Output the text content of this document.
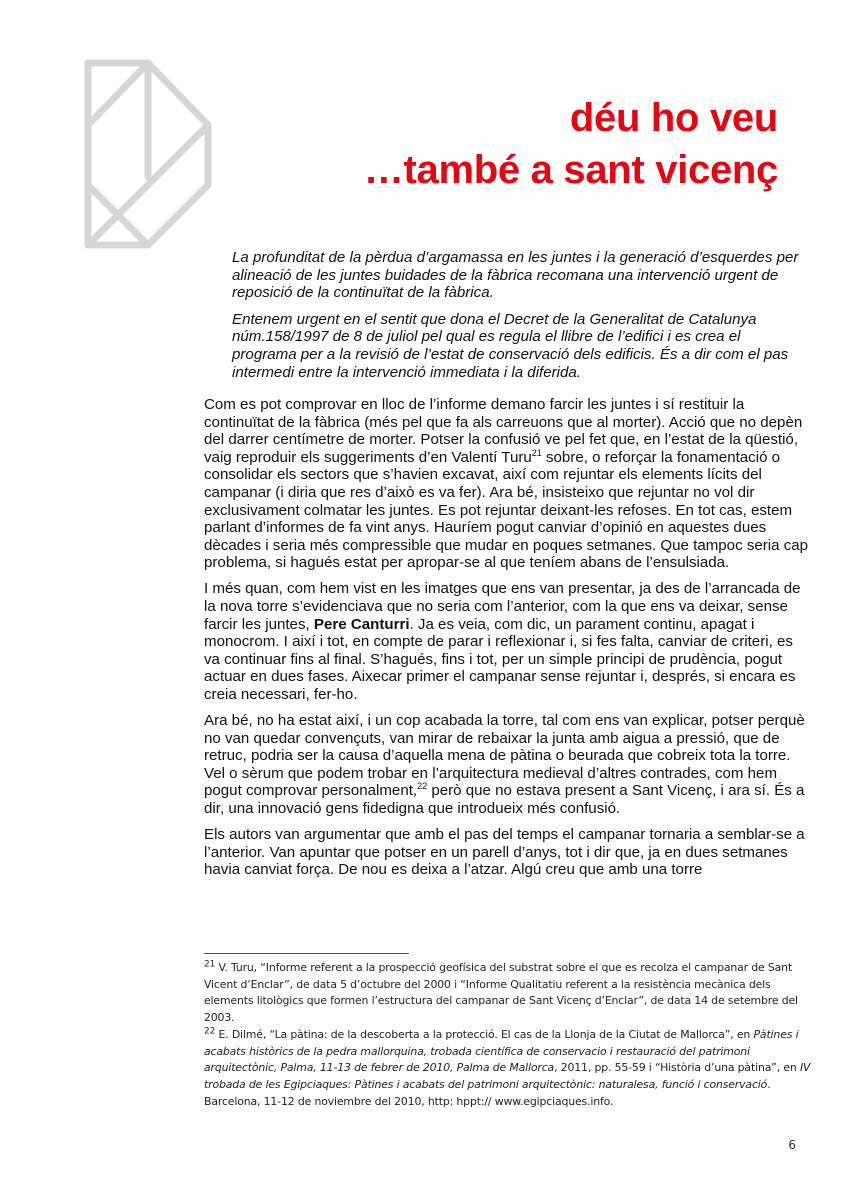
déu ho veu
…també a sant vicenç

La profunditat de la pèrdua d’argamassa en les juntes i la generació d’esquerdes per alineació de les juntes buidades de la fàbrica recomana una intervenció urgent de reposició de la continuïtat de la fàbrica.

Entenem urgent en el sentit que dona el Decret de la Generalitat de Catalunya núm.158/1997 de 8 de juliol pel qual es regula el llibre de l’edifici i es crea el programa per a la revisió de l’estat de conservació dels edificis. És a dir com el pas intermedi entre la intervenció immediata i la diferida.

Com es pot comprovar en lloc de l’informe demano farcir les juntes i sí restituir la continuïtat de la fàbrica (més pel que fa als carreuons que al morter). Acció que no depèn del darrer centímetre de morter. Potser la confusió ve pel fet que, en l’estat de la qüestió, vaig reproduir els suggeriments d’en Valentí Turu$^{21}$ sobre, o reforçar la fonamentació o consolidar els sectors que s’havien excavat, així com rejuntar els elements lícits del campanar (i diria que res d’això es va fer). Ara bé, insisteixo que rejuntar no vol dir exclusivament colmatar les juntes. Es pot rejuntar deixant-les refoses. En tot cas, estem parlant d’informes de fa vint anys. Hauríem pogut canviar d’opinió en aquestes dues dècades i seria més compressible que mudar en poques setmanes. Que tampoc seria cap problema, si hagués estat per apropar-se al que teníem abans de l’ensulsiada.

I més quan, com hem vist en les imatges que ens van presentar, ja des de l’arrancada de la nova torre s’evidenciava que no seria com l’anterior, com la que ens va deixar, sense farcir les juntes, Pere Canturri. Ja es veia, com dic, un parament continu, apagat i monocrom. I així i tot, en compte de parar i reflexionar i, si fes falta, canviar de criteri, es va continuar fins al final. S’hagués, fins i tot, per un simple principi de prudència, pogut actuar en dues fases. Aixecar primer el campanar sense rejuntar i, després, si encara es creia necessari, fer-ho.

Ara bé, no ha estat així, i un cop acabada la torre, tal com ens van explicar, potser perquè no van quedar convençuts, van mirar de rebaixar la junta amb aigua a pressió, que de retruc, podria ser la causa d’aquella mena de pàtina o beurada que cobreix tota la torre. Vel o sèrum que podem trobar en l’arquitectura medieval d’altres contrades, com hem pogut comprovar personalment,$^{22}$ però que no estava present a Sant Vicenç, i ara sí. És a dir, una innovació gens fidedigna que introdueix més confusió.

Els autors van argumentar que amb el pas del temps el campanar tornaria a semblar-se a l’anterior. Van apuntar que potser en un parell d’anys, tot i dir que, ja en dues setmanes havia canviat força. De nou es deixa a l’atzar. Algú creu que amb una torre

$^{21}$ V. Turu, “Informe referent a la prospecció geofísica del substrat sobre el que es recolza el campanar de Sant Vicent d’Enclar”, de data 5 d’octubre del 2000 i “Informe Qualitatiu referent a la resistència mecànica dels elements litològics que formen l’estructura del campanar de Sant Vicenç d’Enclar”, de data 14 de setembre del 2003.

$^{22}$ E. Dilmé, “La pàtina: de la descoberta a la protecció. El cas de la Llonja de la Ciutat de Mallorca”, en Pàtines i acabats històrics de la pedra mallorquina, trobada científica de conservacio i restauració del patrimoni arquitectònic, Palma, 11-13 de febrer de 2010, Palma de Mallorca, 2011, pp. 55-59 i “Història d’una pàtina”, en IV trobada de les Egipciaques: Pàtines i acabats del patrimoni arquitectònic: naturalesa, funció i conservació. Barcelona, 11-12 de noviembre del 2010, http: hppt:// www.egipciaques.info.

6
